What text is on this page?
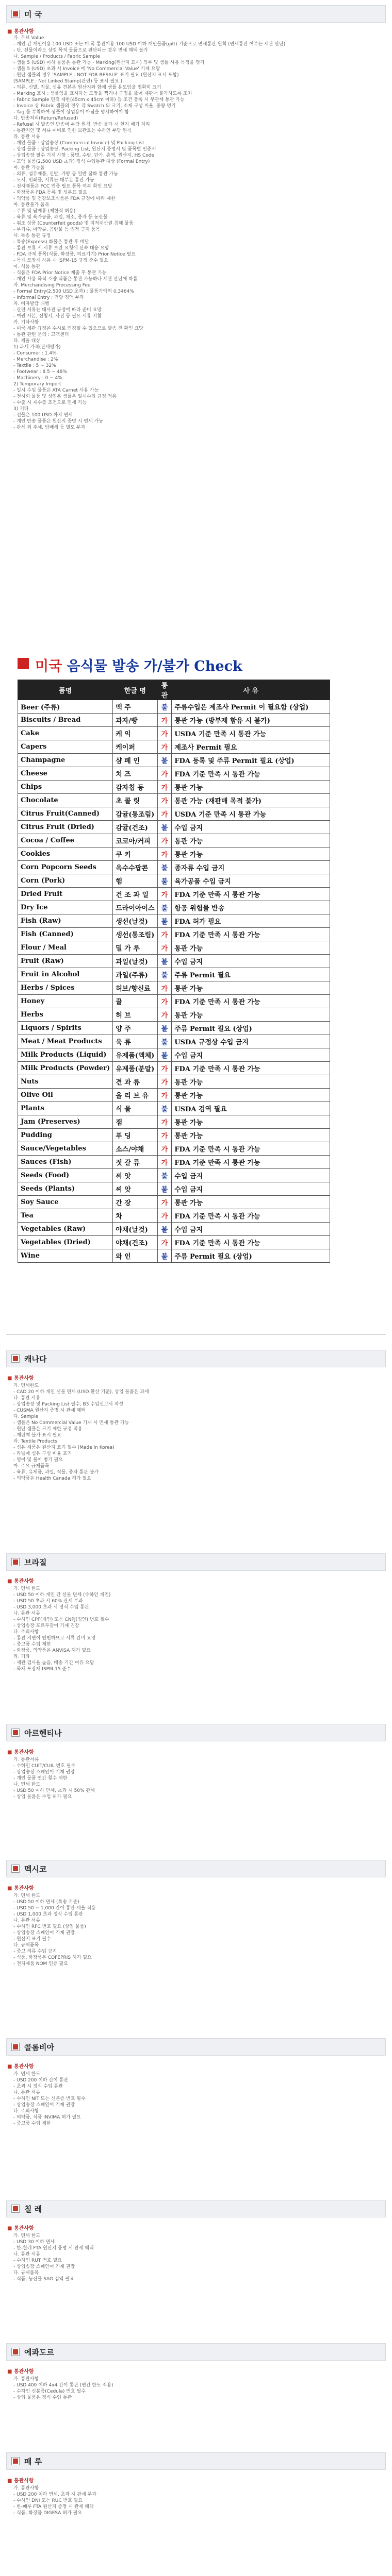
미 국
■ 통관사항
가. 무료 Value
- 개인 간 개인이용 100 USD 또는 미 국 통관이용 100 USD 이하 개인물품(gift) 기준으로 면세통관 원칙 (면세통관 여부는 세관 판단)
- 단, 선물이라도 상업 목적 물품으로 판단되는 경우 면세 혜택 불가
나. Sample / Products / Fabric Sample
- 샘플 5 (USD) 이하 물품은 통관 가능 · Marking(원산지 표시) 의무 및 샘플 사용 목적을 명기
- 샘플 5 (USD) 초과 시 Invoice 에 'No Commercial Value' 기재 요망
- 원단 샘플의 경우 'SAMPLE - NOT FOR RESALE' 표기 필요 (원산지 표시 포함)
(SAMPLE : Not Linked Stamp(관련) 등 표시 필요 )
- 의류, 신발, 직물, 섬유 견본은 원산지와 함께 샘플 용도임을 명확히 표기
- Marking 표시 : 샘플임을 표시하는 도장을 찍거나 구멍을 뚫어 재판매 불가하도록 조치
- Fabric Sample 면적 제한(45cm x 45cm 이하) 등 조건 충족 시 무관세 통관 가능
- Invoice 상 Fabric 샘플의 경우 각 Swatch 의 크기, 소재 구성 비율, 중량 명기
- Tag 를 부착하여 샘플이 상업용이 아님을 명시하여야 함
다. 반송처리(Return/Refused)
- Refusal 시 발송인 반송비 부담 원칙, 반송 불가 시 현지 폐기 처리
- 통관지연 및 서류 미비로 인한 보관료는 수하인 부담 원칙
라. 통관 서류
- 개인 물품 : 상업송장 (Commercial Invoice) 및 Packing List
- 상업 물품 : 상업송장, Packing List, 원산지 증명서 및 품목별 인증서
- 상업송장 필수 기재 사항 : 품명, 수량, 단가, 총액, 원산지, HS Code
- 고액 물품(2,500 USD 초과) 정식 수입통관 대상 (Formal Entry)
마. 통관 가능품
- 의류, 섬유제품, 신발, 가방 등 일반 잡화 통관 가능
- 도서, 인쇄물, 서류는 대부분 통관 가능
- 전자제품은 FCC 인증 필요 품목 여부 확인 요망
- 화장품은 FDA 등록 및 성분표 필요
- 의약품 및 건강보조식품은 FDA 규정에 따라 제한
바. 통관불가 품목
- 주류 및 담배류 (제한적 허용)
- 육류 및 육가공품, 과일, 채소, 종자 등 농산물
- 위조 상품 (Counterfeit goods) 및 지적재산권 침해 물품
- 무기류, 마약류, 음란물 등 법적 금지 품목
사. 특송 통관 규정
- 특송(Express) 화물은 통관 후 배달
- 통관 보류 시 서류 보완 요청에 신속 대응 요망
- FDA 규제 품목(식품, 화장품, 의료기기) Prior Notice 필요
- 목재 포장재 사용 시 ISPM-15 규정 준수 필요
아. 식품 통관
- 식품은 FDA Prior Notice 제출 후 통관 가능
- 개인 사용 목적 소량 식품은 통관 가능하나 세관 판단에 따름
자. Merchandising Processing Fee
- Formal Entry(2,500 USD 초과) : 물품가액의 0.3464%
- Informal Entry : 건당 정액 부과
차. 비자발급 대행
- 관련 서류는 대사관 규정에 따라 준비 요망
- 여권 사본, 신청서, 사진 등 필요 서류 지참
카. 기타사항
- 미국 세관 규정은 수시로 변경될 수 있으므로 발송 전 확인 요망
- 통관 관련 문의 : 고객센터
타. 세율 대상
1) 과세 가격(관세평가)
- Consumer : 1.4%
- Merchandise : 2%
- Textile : 5 ~ 32%
- Footwear : 8.5 ~ 48%
- Machinery : 0 ~ 4%
2) Temporary Import
- 일시 수입 물품은 ATA Carnet 사용 가능
- 전시회 물품 및 상업용 샘플은 일시수입 규정 적용
- 수출 시 재수출 조건으로 면세 가능
3) 기타
- 선물은 100 USD 까지 면세
- 개인 반송 물품은 원산지 증명 시 면세 가능
- 관세 외 주세, 담배세 등 별도 부과
미국 음식물 발송 가/불가 Check
품명	한글 명	통관	사 유
Beer (주류)	맥 주	불	주류수입은 제조사 Permit 이 필요함 (상업)
Biscuits / Bread	과자/빵	가	통관 가능 (방부제 함유 시 불가)
Cake	케 익	가	USDA 기준 만족 시 통관 가능
Capers	케이퍼	가	제조사 Permit 필요
Champagne	샴 페 인	불	FDA 등록 및 주류 Permit 필요 (상업)
Cheese	치 즈	가	FDA 기준 만족 시 통관 가능
Chips	감자칩 등	가	통관 가능
Chocolate	초 콜 릿	가	통관 가능 (재판매 목적 불가)
Citrus Fruit(Canned)	감귤(통조림)	가	USDA 기준 만족 시 통관 가능
Citrus Fruit (Dried)	감귤(건조)	불	수입 금지
Cocoa / Coffee	코코아/커피	가	통관 가능
Cookies	쿠 키	가	통관 가능
Corn Popcorn Seeds	옥수수팝콘	불	종자류 수입 금지
Corn (Pork)	햄	불	육가공품 수입 금지
Dried Fruit	건 조 과 일	가	FDA 기준 만족 시 통관 가능
Dry Ice	드라이아이스	불	항공 위험물 반송
Fish (Raw)	생선(날것)	불	FDA 허가 필요
Fish (Canned)	생선(통조림)	가	FDA 기준 만족 시 통관 가능
Flour / Meal	밀 가 루	가	통관 가능
Fruit (Raw)	과일(날것)	불	수입 금지
Fruit in Alcohol	과일(주류)	불	주류 Permit 필요
Herbs / Spices	허브/향신료	가	통관 가능
Honey	꿀	가	FDA 기준 만족 시 통관 가능
Herbs	허 브	가	통관 가능
Liquors / Spirits	양 주	불	주류 Permit 필요 (상업)
Meat / Meat Products	육 류	불	USDA 규정상 수입 금지
Milk Products (Liquid)	유제품(액체)	불	수입 금지
Milk Products (Powder)	유제품(분말)	가	FDA 기준 만족 시 통관 가능
Nuts	견 과 류	가	통관 가능
Olive Oil	올 리 브 유	가	통관 가능
Plants	식 물	불	USDA 검역 필요
Jam (Preserves)	잼	가	통관 가능
Pudding	푸 딩	가	통관 가능
Sauce/Vegetables	소스/야채	가	FDA 기준 만족 시 통관 가능
Sauces (Fish)	젓 갈 류	가	FDA 기준 만족 시 통관 가능
Seeds (Food)	씨 앗	불	수입 금지
Seeds (Plants)	씨 앗	불	수입 금지
Soy Sauce	간 장	가	통관 가능
Tea	차	가	FDA 기준 만족 시 통관 가능
Vegetables (Raw)	야채(날것)	불	수입 금지
Vegetables (Dried)	야채(건조)	가	FDA 기준 만족 시 통관 가능
Wine	와 인	불	주류 Permit 필요 (상업)
캐나다
■ 통관사항
가. 면세한도
- CAD 20 이하 개인 선물 면세 (USD 환산 기준), 상업 물품은 과세
나. 통관 서류
- 상업송장 및 Packing List 필수, B3 수입신고서 작성
- CUSMA 원산지 증명 시 관세 혜택
다. Sample
- 샘플은 No Commercial Value 기재 시 면세 통관 가능
- 원단 샘플은 크기 제한 규정 적용
- 재판매 불가 표시 필요
라. Textile Products
- 섬유 제품은 원산지 표기 필수 (Made in Korea)
- 라벨에 섬유 구성 비율 표기
- 영어 및 불어 병기 필요
마. 주요 규제품목
- 육류, 유제품, 과일, 식물, 종자 통관 불가
- 의약품은 Health Canada 허가 필요
브라질
■ 통관사항
가. 면세 한도
- USD 50 이하 개인 간 선물 면세 (수하인 개인)
- USD 50 초과 시 60% 관세 부과
- USD 3,000 초과 시 정식 수입 통관
나. 통관 서류
- 수하인 CPF(개인) 또는 CNPJ(법인) 번호 필수
- 상업송장 포르투갈어 기재 권장
다. 주의사항
- 통관 지연이 빈번하므로 서류 완비 요망
- 중고품 수입 제한
- 화장품, 의약품은 ANVISA 허가 필요
라. 기타
- 세관 검사율 높음, 배송 기간 여유 요망
- 목재 포장재 ISPM-15 준수
아르헨티나
■ 통관사항
가. 통관서류
- 수하인 CUIT/CUIL 번호 필수
- 상업송장 스페인어 기재 권장
- 개인 물품 연간 횟수 제한
나. 면세 한도
- USD 50 이하 면세, 초과 시 50% 관세
- 상업 물품은 수입 허가 필요
멕시코
■ 통관사항
가. 면세 한도
- USD 50 이하 면세 (특송 기준)
- USD 50 ~ 1,000 간이 통관 세율 적용
- USD 1,000 초과 정식 수입 통관
나. 통관 서류
- 수하인 RFC 번호 필요 (상업 물품)
- 상업송장 스페인어 기재 권장
- 원산지 표기 필수
다. 규제품목
- 중고 의류 수입 금지
- 식품, 화장품은 COFEPRIS 허가 필요
- 전자제품 NOM 인증 필요
콜롬비아
■ 통관사항
가. 면세 한도
- USD 200 이하 간이 통관
- 초과 시 정식 수입 통관
나. 통관 서류
- 수하인 NIT 또는 신분증 번호 필수
- 상업송장 스페인어 기재 권장
다. 주의사항
- 의약품, 식품 INVIMA 허가 필요
- 중고품 수입 제한
칠 레
■ 통관사항
가. 면세 한도
- USD 30 이하 면세
- 한-칠레 FTA 원산지 증명 시 관세 혜택
나. 통관 서류
- 수하인 RUT 번호 필요
- 상업송장 스페인어 기재 권장
다. 규제품목
- 식품, 농산물 SAG 검역 필요
에콰도르
■ 통관사항
가. 통관사항
- USD 400 이하 4x4 간이 통관 (연간 한도 적용)
- 수하인 신분증(Cedula) 번호 필수
- 상업 물품은 정식 수입 통관
페 루
■ 통관사항
가. 통관사항
- USD 200 이하 면세, 초과 시 관세 부과
- 수하인 DNI 또는 RUC 번호 필요
- 한-페루 FTA 원산지 증명 시 관세 혜택
- 식품, 화장품 DIGESA 허가 필요
